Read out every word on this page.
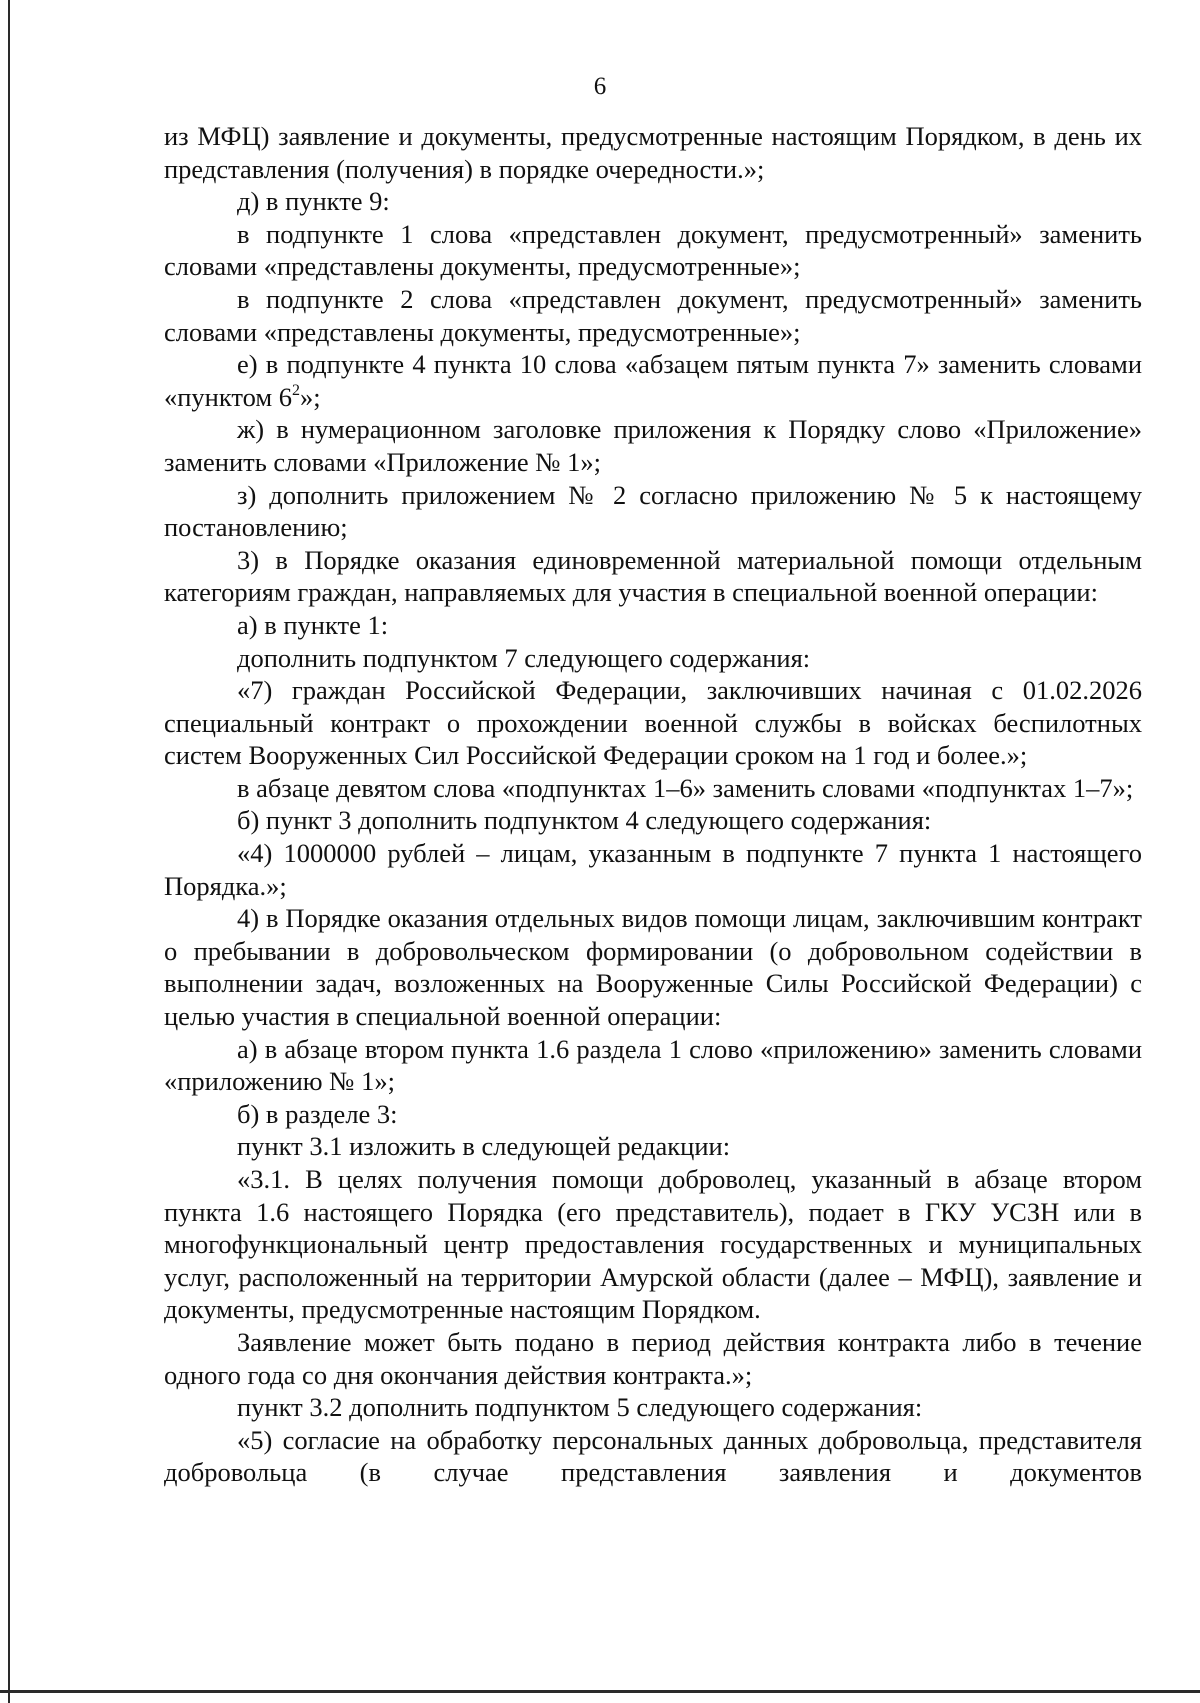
6

из МФЦ) заявление и документы, предусмотренные настоящим Порядком, в день их представления (получения) в порядке очередности.»;

д) в пункте 9:

в подпункте 1 слова «представлен документ, предусмотренный» заменить словами «представлены документы, предусмотренные»;

в подпункте 2 слова «представлен документ, предусмотренный» заменить словами «представлены документы, предусмотренные»;

е) в подпункте 4 пункта 10 слова «абзацем пятым пункта 7» заменить словами «пунктом $6^2$»;

ж) в нумерационном заголовке приложения к Порядку слово «Приложение» заменить словами «Приложение № 1»;

з) дополнить приложением № 2 согласно приложению № 5 к настоящему постановлению;

3) в Порядке оказания единовременной материальной помощи отдельным категориям граждан, направляемых для участия в специальной военной операции:

а) в пункте 1:

дополнить подпунктом 7 следующего содержания:

«7) граждан Российской Федерации, заключивших начиная с 01.02.2026 специальный контракт о прохождении военной службы в войсках беспилотных систем Вооруженных Сил Российской Федерации сроком на 1 год и более.»;

в абзаце девятом слова «подпунктах 1–6» заменить словами «подпунктах 1–7»;

б) пункт 3 дополнить подпунктом 4 следующего содержания:

«4) 1000000 рублей – лицам, указанным в подпункте 7 пункта 1 настоящего Порядка.»;

4) в Порядке оказания отдельных видов помощи лицам, заключившим контракт о пребывании в добровольческом формировании (о добровольном содействии в выполнении задач, возложенных на Вооруженные Силы Российской Федерации) с целью участия в специальной военной операции:

а) в абзаце втором пункта 1.6 раздела 1 слово «приложению» заменить словами «приложению № 1»;

б) в разделе 3:

пункт 3.1 изложить в следующей редакции:

«3.1. В целях получения помощи доброволец, указанный в абзаце втором пункта 1.6 настоящего Порядка (его представитель), подает в ГКУ УСЗН или в многофункциональный центр предоставления государственных и муниципальных услуг, расположенный на территории Амурской области (далее – МФЦ), заявление и документы, предусмотренные настоящим Порядком.

Заявление может быть подано в период действия контракта либо в течение одного года со дня окончания действия контракта.»;

пункт 3.2 дополнить подпунктом 5 следующего содержания:

«5) согласие на обработку персональных данных добровольца, представителя добровольца (в случае представления заявления и документов
